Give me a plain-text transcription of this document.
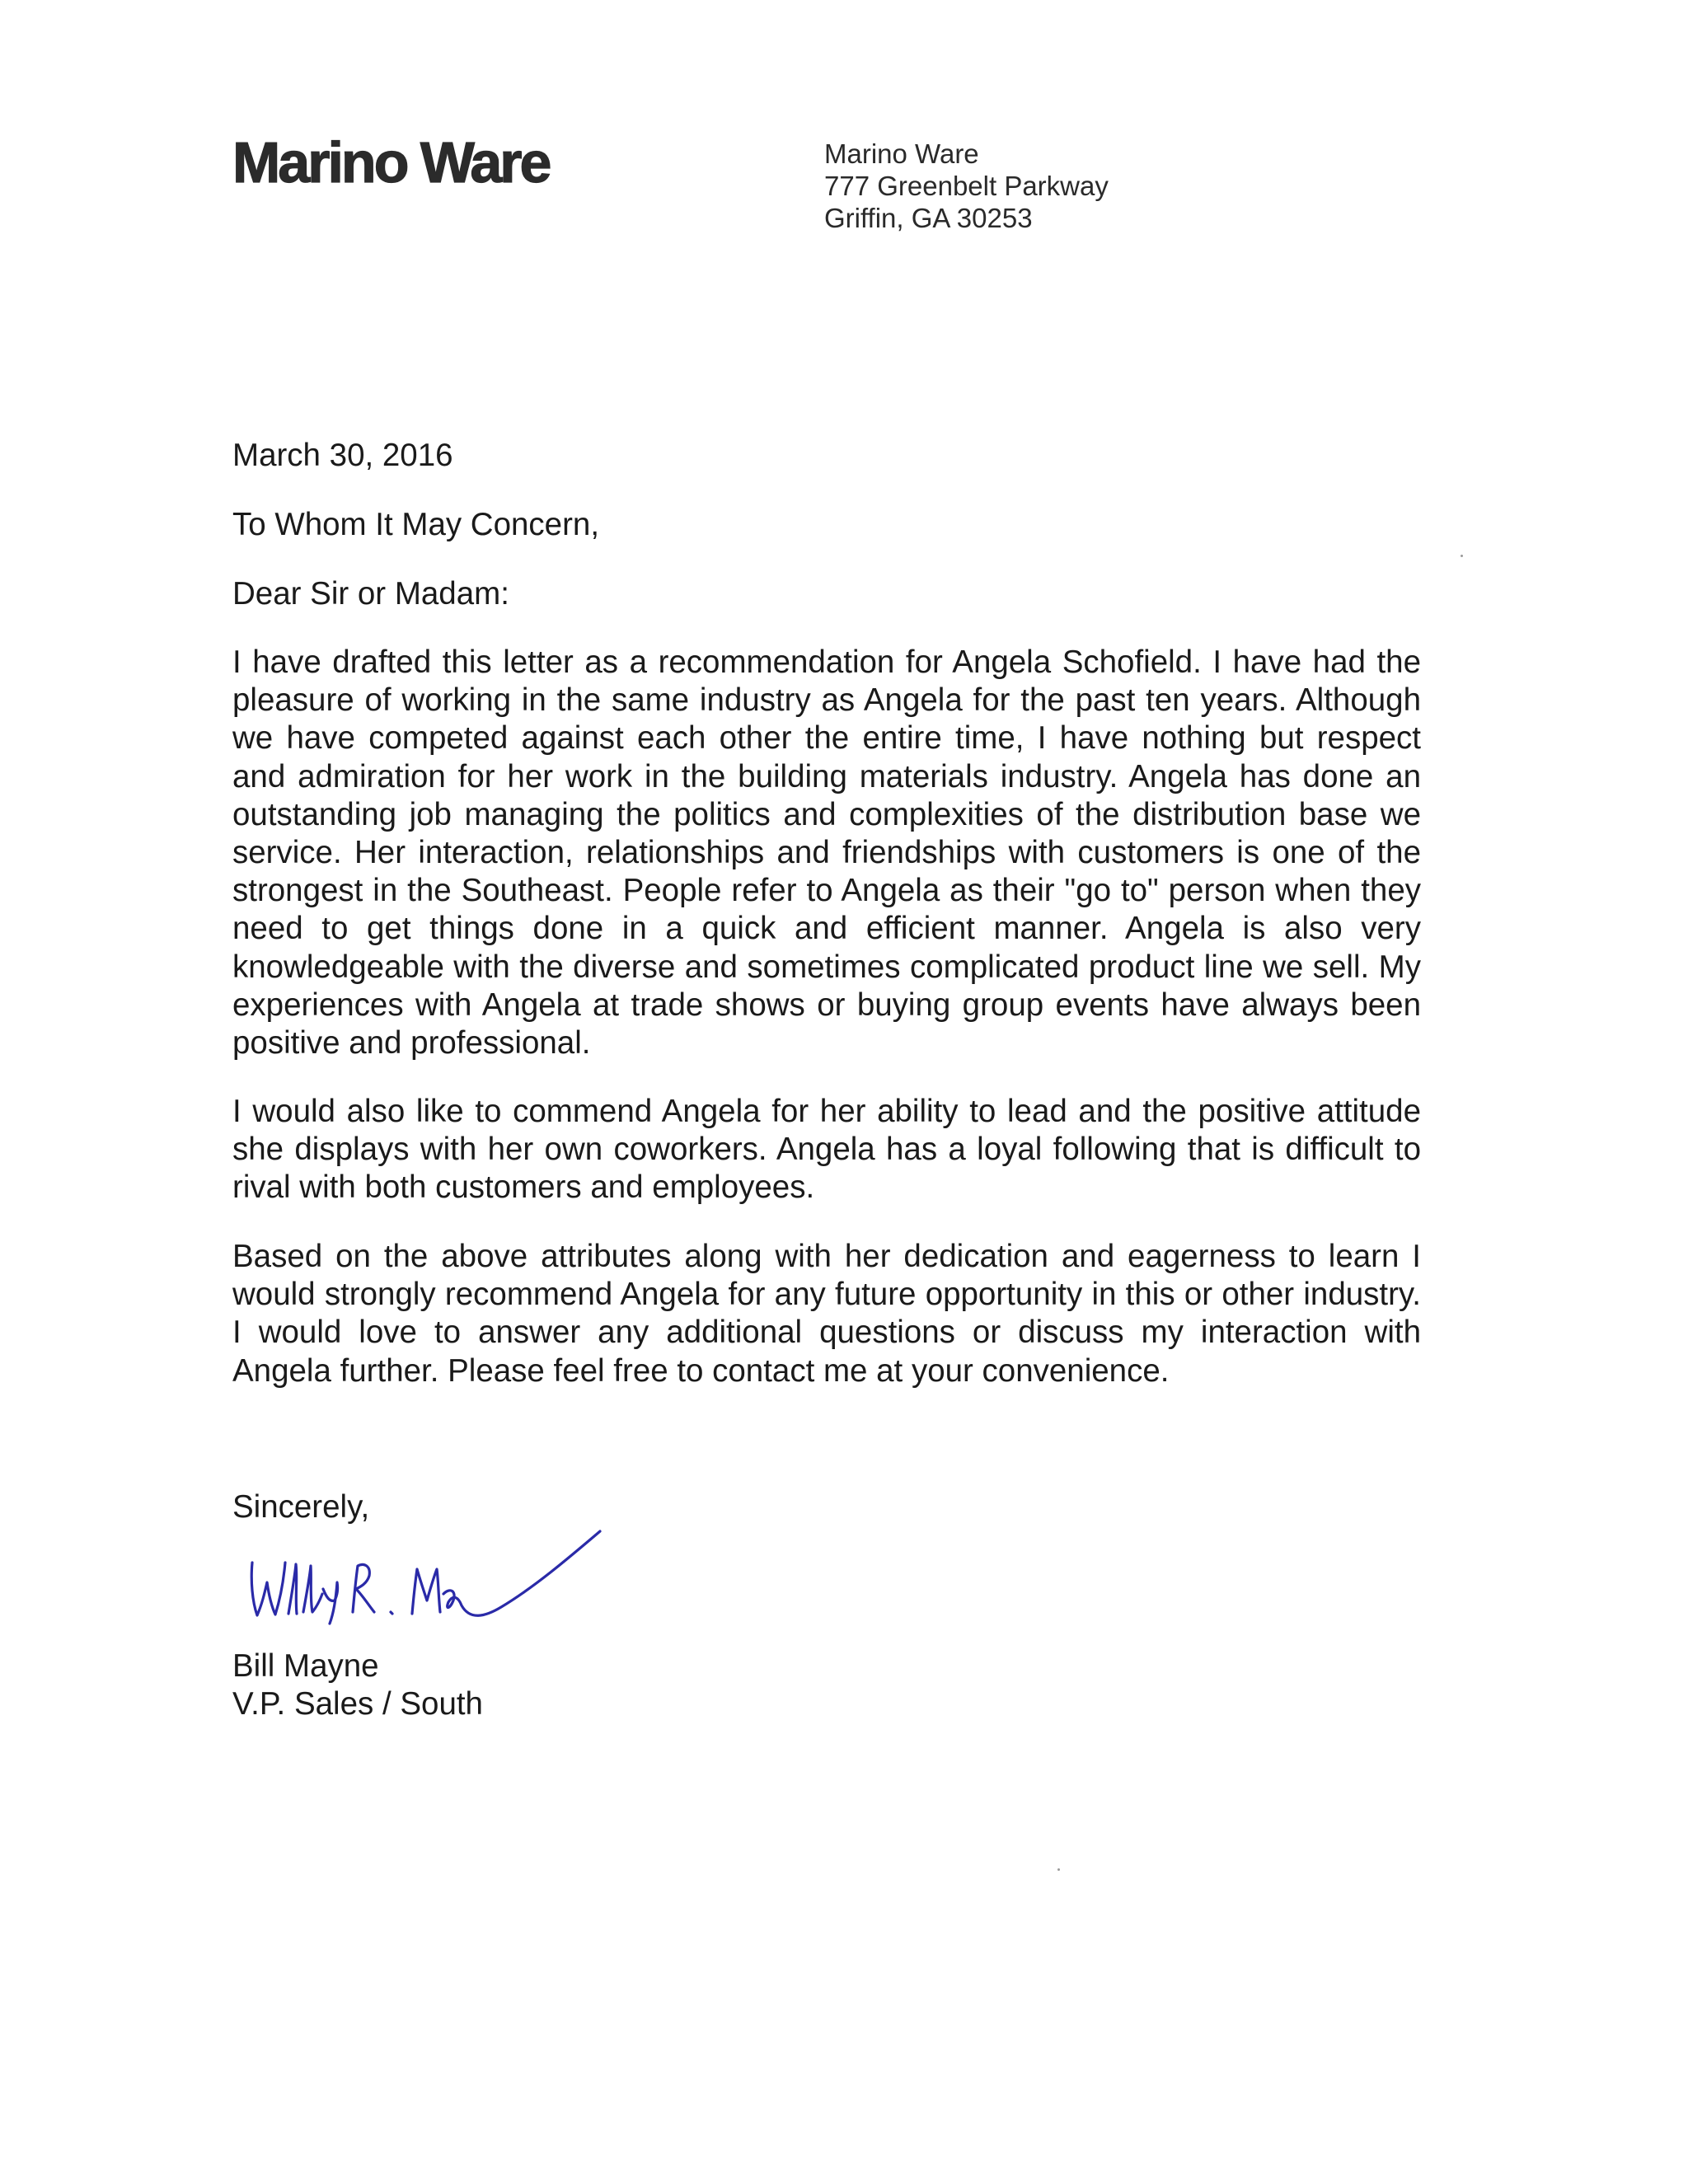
Marino Ware	Marino Ware
777 Greenbelt Parkway
Griffin, GA 30253
March 30, 2016
To Whom It May Concern,
Dear Sir or Madam:
I have drafted this letter as a recommendation for Angela Schofield. I have had the pleasure of working in the same industry as Angela for the past ten years. Although we have competed against each other the entire time, I have nothing but respect and admiration for her work in the building materials industry. Angela has done an outstanding job managing the politics and complexities of the distribution base we service. Her interaction, relationships and friendships with customers is one of the strongest in the Southeast. People refer to Angela as their "go to" person when they need to get things done in a quick and efficient manner. Angela is also very knowledgeable with the diverse and sometimes complicated product line we sell. My experiences with Angela at trade shows or buying group events have always been positive and professional.
I would also like to commend Angela for her ability to lead and the positive attitude she displays with her own coworkers. Angela has a loyal following that is difficult to rival with both customers and employees.
Based on the above attributes along with her dedication and eagerness to learn I would strongly recommend Angela for any future opportunity in this or other industry. I would love to answer any additional questions or discuss my interaction with Angela further. Please feel free to contact me at your convenience.
Sincerely,
Bill Mayne
V.P. Sales / South
